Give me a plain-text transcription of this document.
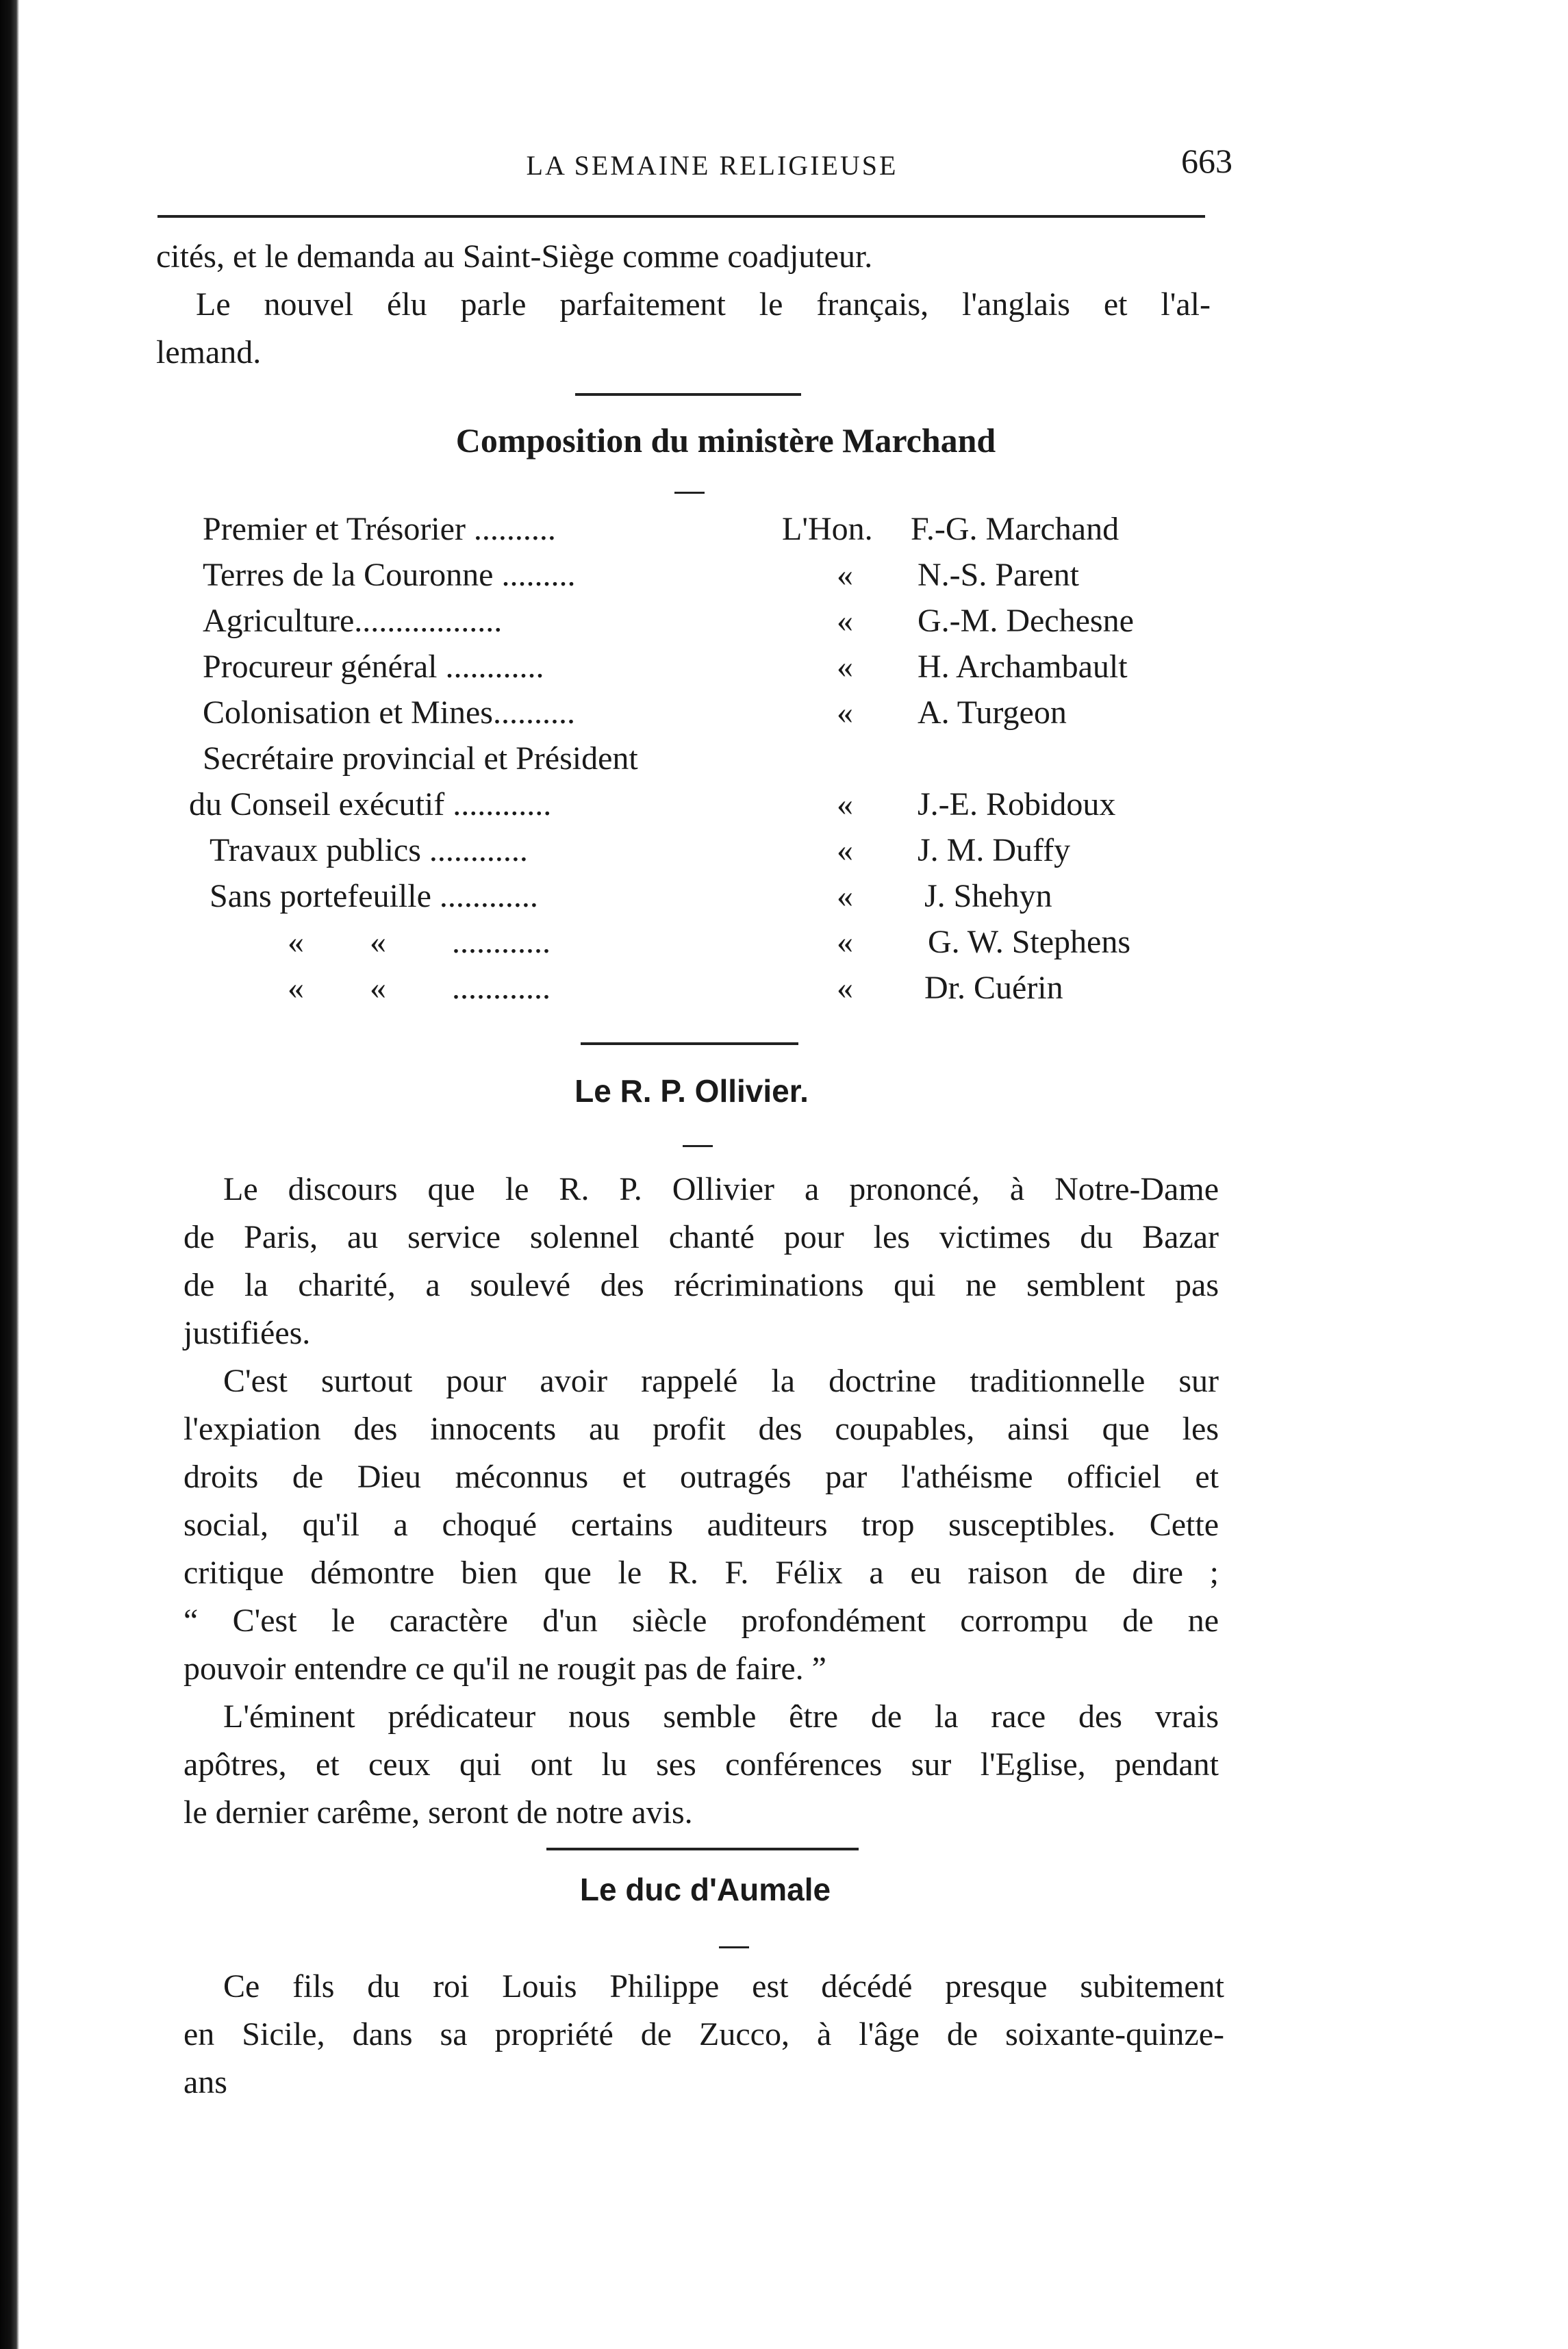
LA SEMAINE RELIGIEUSE	663
cités, et le demanda au Saint-Siège comme coadjuteur.
Le nouvel élu parle parfaitement le français, l'anglais et l'al-
lemand.
Composition du ministère Marchand
Premier et Trésorier ..........	L'Hon. F.-G. Marchand
Terres de la Couronne .........	« N.-S. Parent
Agriculture..................	« G.-M. Dechesne
Procureur général ............	« H. Archambault
Colonisation et Mines..........	« A. Turgeon
Secrétaire provincial et Président
du Conseil exécutif ............	« J.-E. Robidoux
Travaux publics ............	« J. M. Duffy
Sans portefeuille ............	« J. Shehyn
«        «        ............	« G. W. Stephens
«        «        ............	« Dr. Cuérin
Le R. P. Ollivier.
Le discours que le R. P. Ollivier a prononcé, à Notre-Dame
de Paris, au service solennel chanté pour les victimes du Bazar
de la charité, a soulevé des récriminations qui ne semblent pas
justifiées.
C'est surtout pour avoir rappelé la doctrine traditionnelle sur
l'expiation des innocents au profit des coupables, ainsi que les
droits de Dieu méconnus et outragés par l'athéisme officiel et
social, qu'il a choqué certains auditeurs trop susceptibles. Cette
critique démontre bien que le R. F. Félix a eu raison de dire ;
“ C'est le caractère d'un siècle profondément corrompu de ne
pouvoir entendre ce qu'il ne rougit pas de faire. ”
L'éminent prédicateur nous semble être de la race des vrais
apôtres, et ceux qui ont lu ses conférences sur l'Eglise, pendant
le dernier carême, seront de notre avis.
Le duc d'Aumale
Ce fils du roi Louis Philippe est décédé presque subitement
en Sicile, dans sa propriété de Zucco, à l'âge de soixante-quinze-
ans
